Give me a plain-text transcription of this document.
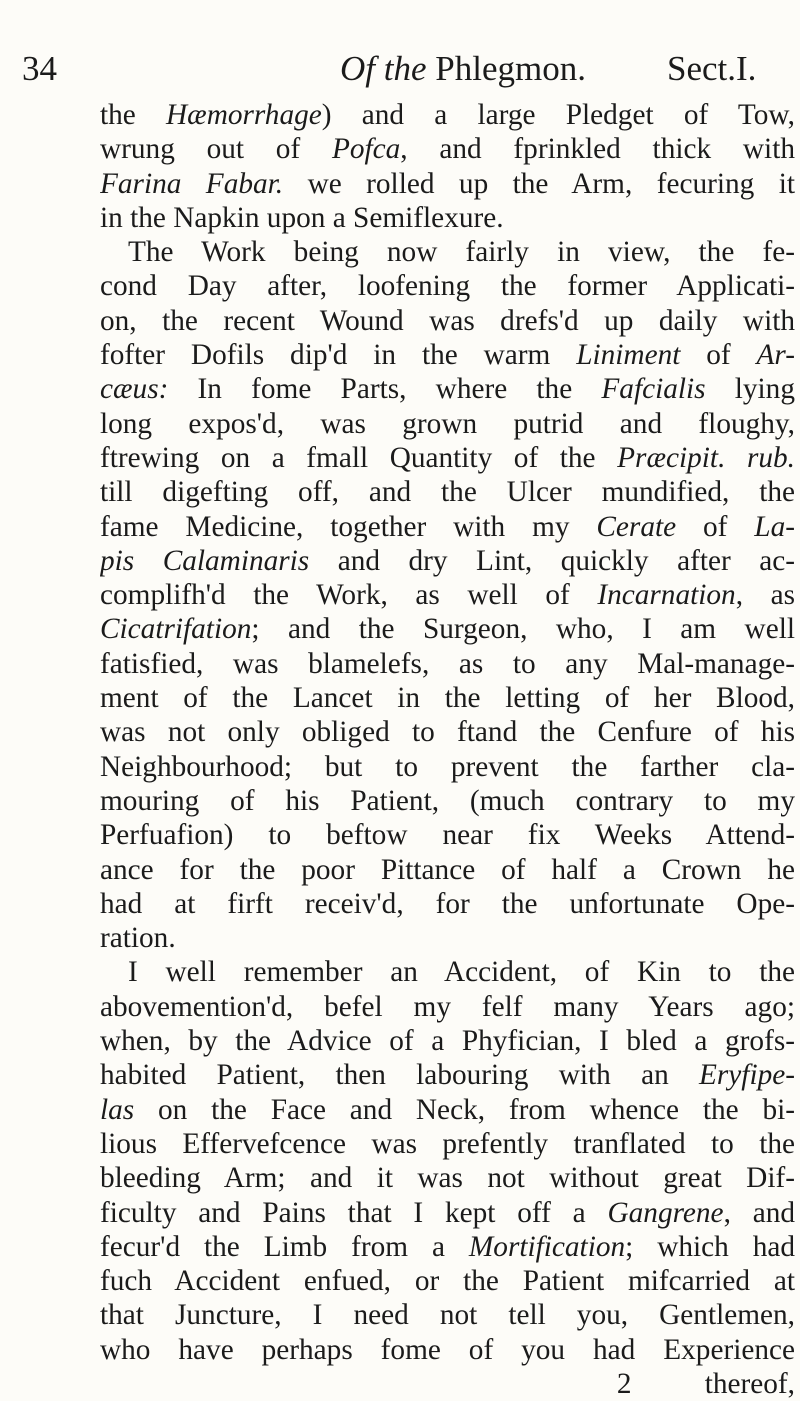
34	Of the Phlegmon. Sect.I.
the Hæmorrhage) and a large Pledget of Tow,
wrung out of Pofca, and fprinkled thick with
Farina Fabar. we rolled up the Arm, fecuring it
in the Napkin upon a Semiflexure.
The Work being now fairly in view, the fe-
cond Day after, loofening the former Applicati-
on, the recent Wound was drefs'd up daily with
fofter Dofils dip'd in the warm Liniment of Ar-
cæus: In fome Parts, where the Fafcialis lying
long expos'd, was grown putrid and floughy,
ftrewing on a fmall Quantity of the Præcipit. rub.
till digefting off, and the Ulcer mundified, the
fame Medicine, together with my Cerate of La-
pis Calaminaris and dry Lint, quickly after ac-
complifh'd the Work, as well of Incarnation, as
Cicatrifation; and the Surgeon, who, I am well
fatisfied, was blamelefs, as to any Mal-manage-
ment of the Lancet in the letting of her Blood,
was not only obliged to ftand the Cenfure of his
Neighbourhood; but to prevent the farther cla-
mouring of his Patient, (much contrary to my
Perfuafion) to beftow near fix Weeks Attend-
ance for the poor Pittance of half a Crown he
had at firft receiv'd, for the unfortunate Ope-
ration.
I well remember an Accident, of Kin to the
abovemention'd, befel my felf many Years ago;
when, by the Advice of a Phyfician, I bled a grofs-
habited Patient, then labouring with an Eryfipe-
las on the Face and Neck, from whence the bi-
lious Effervefcence was prefently tranflated to the
bleeding Arm; and it was not without great Dif-
ficulty and Pains that I kept off a Gangrene, and
fecur'd the Limb from a Mortification; which had
fuch Accident enfued, or the Patient mifcarried at
that Juncture, I need not tell you, Gentlemen,
who have perhaps fome of you had Experience
2          thereof,
